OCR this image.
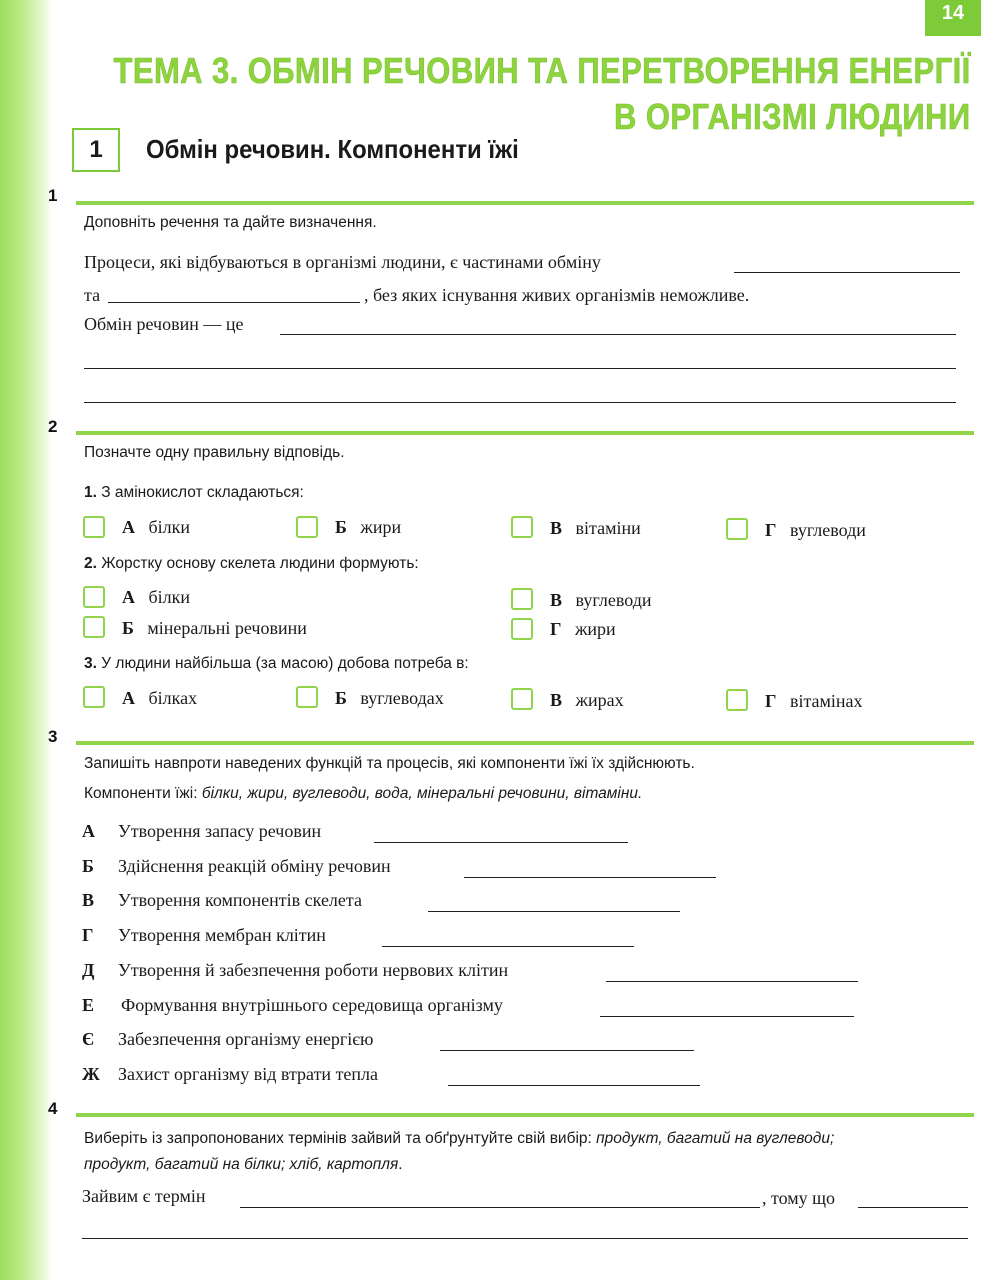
14
ТЕМА 3. ОБМІН РЕЧОВИН ТА ПЕРЕТВОРЕННЯ ЕНЕРГІЇ
В ОРГАНІЗМІ ЛЮДИНИ
1	Обмін речовин. Компоненти їжі
1
Доповніть речення та дайте визначення.
Процеси, які відбуваються в організмі людини, є частинами обміну
та	, без яких існування живих організмів неможливе.
Обмін речовин — це
2
Позначте одну правильну відповідь.
1. З амінокислот складаються:
А білки	Б жири	В вітаміни	Г вуглеводи
2. Жорстку основу скелета людини формують:
А білки
Б мінеральні речовини
В вуглеводи
Г жири
3. У людини найбільша (за масою) добова потреба в:
А білках	Б вуглеводах	В жирах	Г вітамінах
3
Запишіть навпроти наведених функцій та процесів, які компоненти їжі їх здійснюють.
Компоненти їжі: білки, жири, вуглеводи, вода, мінеральні речовини, вітаміни.
А Утворення запасу речовин
Б Здійснення реакцій обміну речовин
В Утворення компонентів скелета
Г Утворення мембран клітин
Д Утворення й забезпечення роботи нервових клітин
Е Формування внутрішнього середовища організму
Є Забезпечення організму енергією
Ж Захист організму від втрати тепла
4
Виберіть із запропонованих термінів зайвий та обґрунтуйте свій вибір: продукт, багатий на вуглеводи;
продукт, багатий на білки; хліб, картопля.
Зайвим є термін	, тому що
